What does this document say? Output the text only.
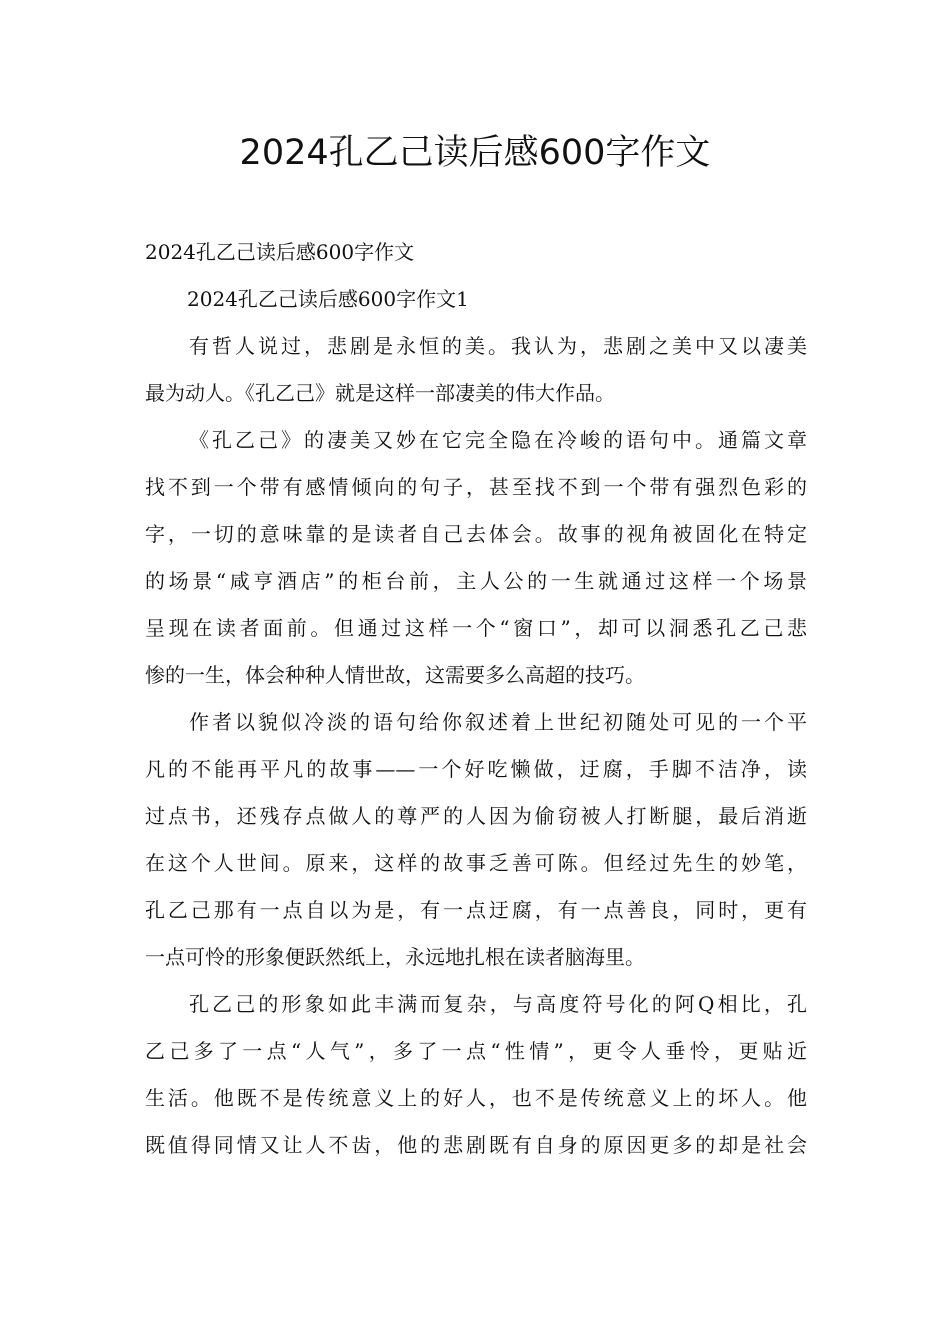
2024孔乙己读后感600字作文

2024孔乙己读后感600字作文

2024孔乙己读后感600字作文1

有哲人说过，悲剧是永恒的美。我认为，悲剧之美中又以凄美
最为动人。《孔乙己》就是这样一部凄美的伟大作品。

《孔乙己》的凄美又妙在它完全隐在冷峻的语句中。通篇文章
找不到一个带有感情倾向的句子，甚至找不到一个带有强烈色彩的
字，一切的意味靠的是读者自己去体会。故事的视角被固化在特定
的场景“咸亨酒店”的柜台前，主人公的一生就通过这样一个场景
呈现在读者面前。但通过这样一个“窗口”，却可以洞悉孔乙己悲
惨的一生，体会种种人情世故，这需要多么高超的技巧。

作者以貌似冷淡的语句给你叙述着上世纪初随处可见的一个平
凡的不能再平凡的故事——一个好吃懒做，迂腐，手脚不洁净，读
过点书，还残存点做人的尊严的人因为偷窃被人打断腿，最后消逝
在这个人世间。原来，这样的故事乏善可陈。但经过先生的妙笔，
孔乙己那有一点自以为是，有一点迂腐，有一点善良，同时，更有
一点可怜的形象便跃然纸上，永远地扎根在读者脑海里。

孔乙己的形象如此丰满而复杂，与高度符号化的阿Q相比，孔
乙己多了一点“人气”，多了一点“性情”，更令人垂怜，更贴近
生活。他既不是传统意义上的好人，也不是传统意义上的坏人。他
既值得同情又让人不齿，他的悲剧既有自身的原因更多的却是社会
